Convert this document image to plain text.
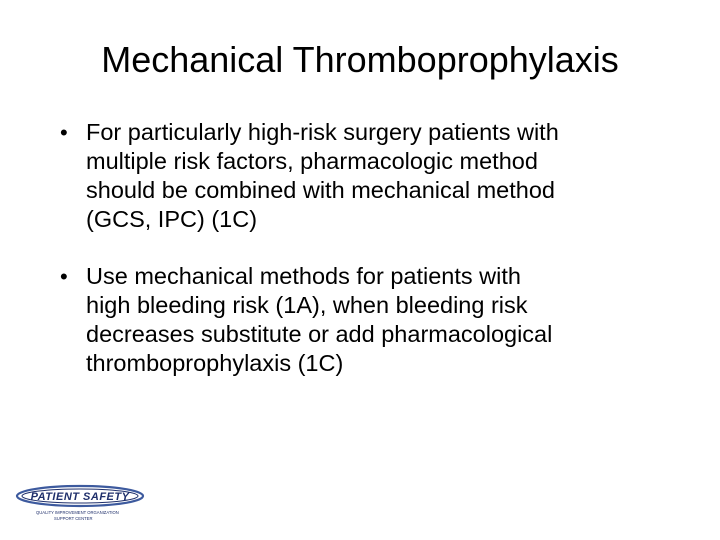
Mechanical Thromboprophylaxis
• For particularly high-risk surgery patients with
multiple risk factors, pharmacologic method
should be combined with mechanical method
(GCS, IPC) (1C)
• Use mechanical methods for patients with
high bleeding risk (1A), when bleeding risk
decreases substitute or add pharmacological
thromboprophylaxis (1C)
PATIENT SAFETY
QUALITY IMPROVEMENT ORGANIZATION
SUPPORT CENTER
